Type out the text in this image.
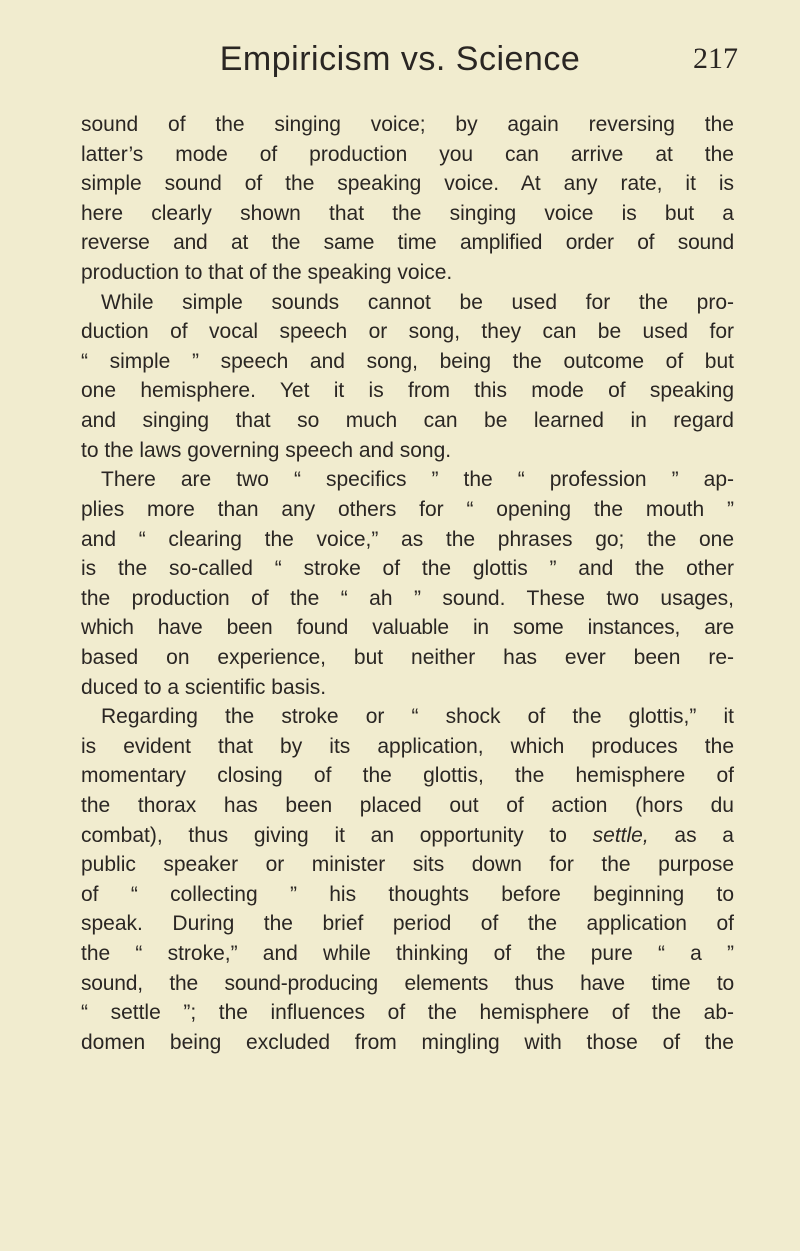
Empiricism vs. Science	217
sound of the singing voice; by again reversing the
latter’s mode of production you can arrive at the
simple sound of the speaking voice. At any rate, it is
here clearly shown that the singing voice is but a
reverse and at the same time amplified order of sound
production to that of the speaking voice.
While simple sounds cannot be used for the pro-
duction of vocal speech or song, they can be used for
“ simple ” speech and song, being the outcome of but
one hemisphere. Yet it is from this mode of speaking
and singing that so much can be learned in regard
to the laws governing speech and song.
There are two “ specifics ” the “ profession ” ap-
plies more than any others for “ opening the mouth ”
and “ clearing the voice,” as the phrases go; the one
is the so-called “ stroke of the glottis ” and the other
the production of the “ ah ” sound. These two usages,
which have been found valuable in some instances, are
based on experience, but neither has ever been re-
duced to a scientific basis.
Regarding the stroke or “ shock of the glottis,” it
is evident that by its application, which produces the
momentary closing of the glottis, the hemisphere of
the thorax has been placed out of action (hors du
combat), thus giving it an opportunity to settle, as a
public speaker or minister sits down for the purpose
of “ collecting ” his thoughts before beginning to
speak. During the brief period of the application of
the “ stroke,” and while thinking of the pure “ a ”
sound, the sound-producing elements thus have time to
“ settle ”; the influences of the hemisphere of the ab-
domen being excluded from mingling with those of the
